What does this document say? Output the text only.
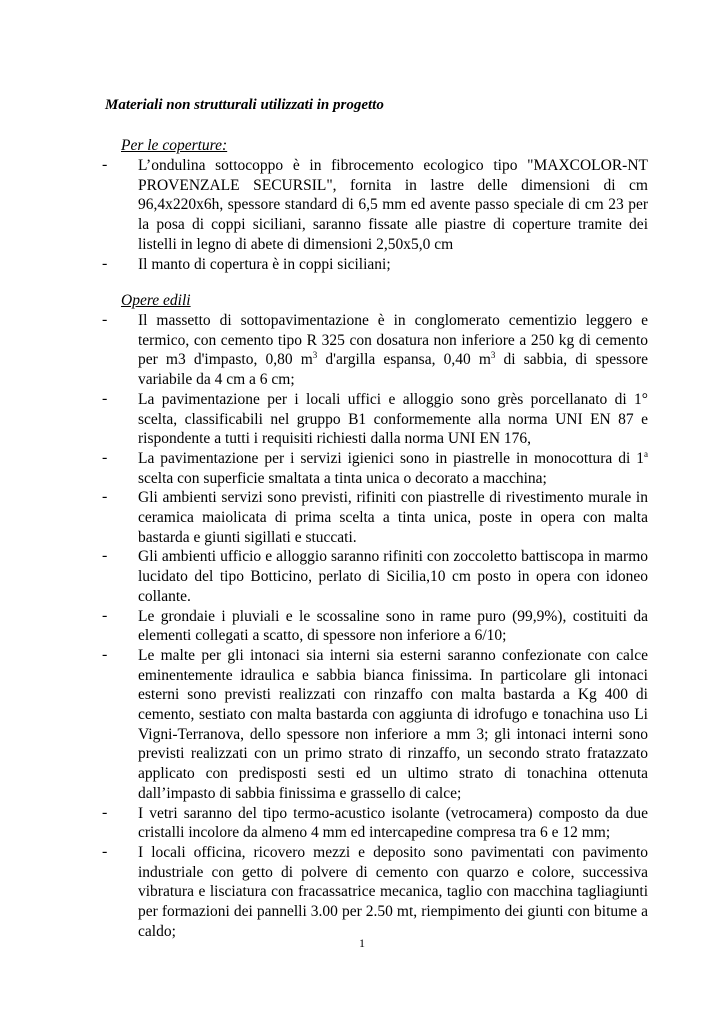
Materiali non strutturali utilizzati in progetto
Per le coperture:
- L’ondulina sottocoppo è in fibrocemento ecologico tipo "MAXCOLOR-NT PROVENZALE SECURSIL", fornita in lastre delle dimensioni di cm 96,4x220x6h, spessore standard di 6,5 mm ed avente passo speciale di cm 23 per la posa di coppi siciliani, saranno fissate alle piastre di coperture tramite dei listelli in legno di abete di dimensioni 2,50x5,0 cm
- Il manto di copertura è in coppi siciliani;
Opere edili
- Il massetto di sottopavimentazione è in conglomerato cementizio leggero e termico, con cemento tipo R 325 con dosatura non inferiore a 250 kg di cemento per m3 d'impasto, 0,80 $m^3$ d'argilla espansa, 0,40 $m^3$ di sabbia, di spessore variabile da 4 cm a 6 cm;
- La pavimentazione per i locali uffici e alloggio sono grès porcellanato di 1° scelta, classificabili nel gruppo B1 conformemente alla norma UNI EN 87 e rispondente a tutti i requisiti richiesti dalla norma UNI EN 176,
- La pavimentazione per i servizi igienici sono in piastrelle in monocottura di 1$^a$ scelta con superficie smaltata a tinta unica o decorato a macchina;
- Gli ambienti servizi sono previsti, rifiniti con piastrelle di rivestimento murale in ceramica maiolicata di prima scelta a tinta unica, poste in opera con malta bastarda e giunti sigillati e stuccati.
- Gli ambienti ufficio e alloggio saranno rifiniti con zoccoletto battiscopa in marmo lucidato del tipo Botticino, perlato di Sicilia,10 cm posto in opera con idoneo collante.
- Le grondaie i pluviali e le scossaline sono in rame puro (99,9%), costituiti da elementi collegati a scatto, di spessore non inferiore a 6/10;
- Le malte per gli intonaci sia interni sia esterni saranno confezionate con calce eminentemente idraulica e sabbia bianca finissima. In particolare gli intonaci esterni sono previsti realizzati con rinzaffo con malta bastarda a Kg 400 di cemento, sestiato con malta bastarda con aggiunta di idrofugo e tonachina uso Li Vigni-Terranova, dello spessore non inferiore a mm 3; gli intonaci interni sono previsti realizzati con un primo strato di rinzaffo, un secondo strato fratazzato applicato con predisposti sesti ed un ultimo strato di tonachina ottenuta dall’impasto di sabbia finissima e grassello di calce;
- I vetri saranno del tipo termo-acustico isolante (vetrocamera) composto da due cristalli incolore da almeno 4 mm ed intercapedine compresa tra 6 e 12 mm;
- I locali officina, ricovero mezzi e deposito sono pavimentati con pavimento industriale con getto di polvere di cemento con quarzo e colore, successiva vibratura e lisciatura con fracassatrice mecanica, taglio con macchina tagliagiunti per formazioni dei pannelli 3.00 per 2.50 mt, riempimento dei giunti con bitume a caldo;
1
